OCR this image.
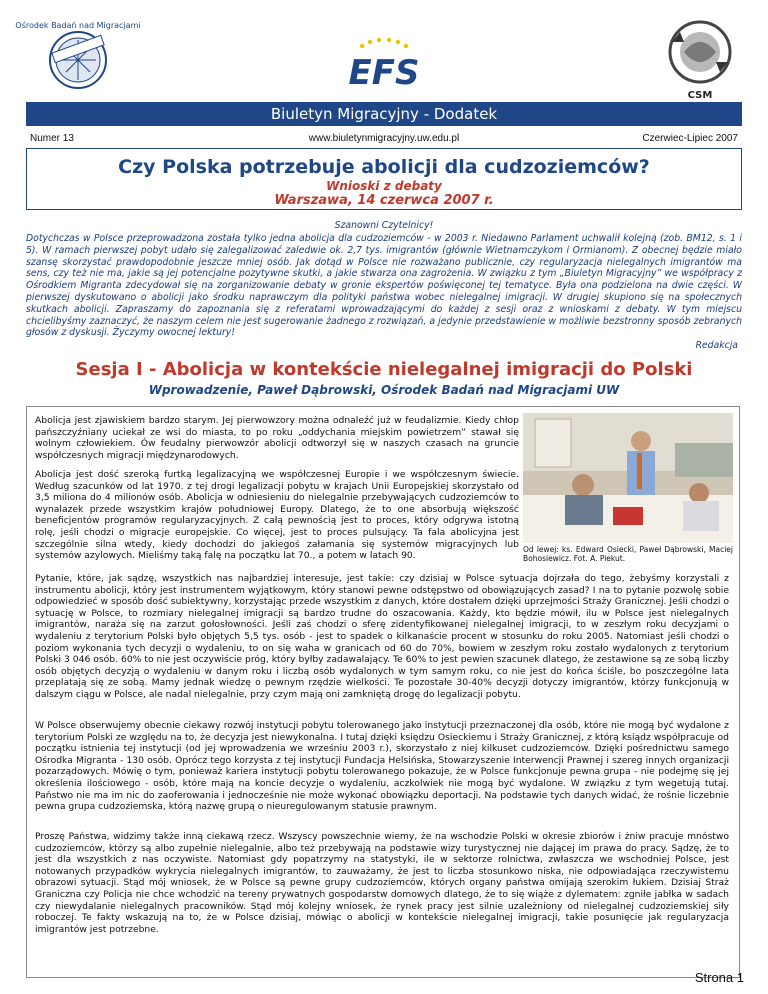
Ośrodek Badań nad Migracjami
EFS
CSM
Biuletyn Migracyjny - Dodatek
Numer 13	www.biuletynmigracyjny.uw.edu.pl	Czerwiec-Lipiec 2007
Czy Polska potrzebuje abolicji dla cudzoziemców?
Wnioski z debaty
Warszawa, 14 czerwca 2007 r.
Szanowni Czytelnicy!
Dotychczas w Polsce przeprowadzona została tylko jedna abolicja dla cudzoziemców - w 2003 r. Niedawno Parlament uchwalił kolejną (zob. BM12, s. 1 i 5). W ramach pierwszej pobyt udało się zalegalizować zaledwie ok. 2,7 tys. imigrantów (głównie Wietnamczykom i Ormianom). Z obecnej będzie miało szansę skorzystać prawdopodobnie jeszcze mniej osób. Jak dotąd w Polsce nie rozważano publicznie, czy regularyzacja nielegalnych imigrantów ma sens, czy też nie ma, jakie są jej potencjalne pozytywne skutki, a jakie stwarza ona zagrożenia. W związku z tym „Biuletyn Migracyjny” we współpracy z Ośrodkiem Migranta zdecydował się na zorganizowanie debaty w gronie ekspertów poświęconej tej tematyce. Była ona podzielona na dwie części. W pierwszej dyskutowano o abolicji jako środku naprawczym dla polityki państwa wobec nielegalnej imigracji. W drugiej skupiono się na społecznych skutkach abolicji. Zapraszamy do zapoznania się z referatami wprowadzającymi do każdej z sesji oraz z wnioskami z debaty. W tym miejscu chcielibyśmy zaznaczyć, że naszym celem nie jest sugerowanie żadnego z rozwiązań, a jedynie przedstawienie w możliwie bezstronny sposób zebranych głosów z dyskusji. Życzymy owocnej lektury!
Redakcja
Sesja I - Abolicja w kontekście nielegalnej imigracji do Polski
Wprowadzenie, Paweł Dąbrowski, Ośrodek Badań nad Migracjami UW

Abolicja jest zjawiskiem bardzo starym. Jej pierwowzory można odnaleźć już w feudalizmie. Kiedy chłop pańszczyźniany uciekał ze wsi do miasta, to po roku „oddychania miejskim powietrzem” stawał się wolnym człowiekiem. Ów feudalny pierwowzór abolicji odtworzył się w naszych czasach na gruncie współczesnych migracji międzynarodowych.

Abolicja jest dość szeroką furtką legalizacyjną we współczesnej Europie i we współczesnym świecie. Według szacunków od lat 1970. z tej drogi legalizacji pobytu w krajach Unii Europejskiej skorzystało od 3,5 miliona do 4 milionów osób. Abolicja w odniesieniu do nielegalnie przebywających cudzoziemców to wynalazek przede wszystkim krajów południowej Europy. Dlatego, że to one absorbują większość beneficjentów programów regularyzacyjnych. Z całą pewnością jest to proces, który odgrywa istotną rolę, jeśli chodzi o migracje europejskie. Co więcej, jest to proces pulsujący. Ta fala abolicyjna jest szczególnie silna wtedy, kiedy dochodzi do jakiegoś załamania się systemów migracyjnych lub systemów azylowych. Mieliśmy taką falę na początku lat 70., a potem w latach 90.

Od lewej: ks. Edward Osiecki, Paweł Dąbrowski, Maciej Bohosiewicz. Fot. A. Piekut.

Pytanie, które, jak sądzę, wszystkich nas najbardziej interesuje, jest takie: czy dzisiaj w Polsce sytuacja dojrzała do tego, żebyśmy korzystali z instrumentu abolicji, który jest instrumentem wyjątkowym, który stanowi pewne odstępstwo od obowiązujących zasad? I na to pytanie pozwolę sobie odpowiedzieć w sposób dość subiektywny, korzystając przede wszystkim z danych, które dostałem dzięki uprzejmości Straży Granicznej. Jeśli chodzi o sytuację w Polsce, to rozmiary nielegalnej imigracji są bardzo trudne do oszacowania. Każdy, kto będzie mówił, ilu w Polsce jest nielegalnych imigrantów, naraża się na zarzut gołosłowności. Jeśli zaś chodzi o sferę zidentyfikowanej nielegalnej imigracji, to w zeszłym roku decyzjami o wydaleniu z terytorium Polski było objętych 5,5 tys. osób - jest to spadek o kilkanaście procent w stosunku do roku 2005. Natomiast jeśli chodzi o poziom wykonania tych decyzji o wydaleniu, to on się waha w granicach od 60 do 70%, bowiem w zeszłym roku zostało wydalonych z terytorium Polski 3 046 osób. 60% to nie jest oczywiście próg, który byłby zadawalający. Te 60% to jest pewien szacunek dlatego, że zestawione są ze sobą liczby osób objętych decyzją o wydaleniu w danym roku i liczbą osób wydalonych w tym samym roku, co nie jest do końca ściśle, bo poszczególne lata przeplatają się ze sobą. Mamy jednak wiedzę o pewnym rzędzie wielkości. Te pozostałe 30-40% decyzji dotyczy imigrantów, którzy funkcjonują w dalszym ciągu w Polsce, ale nadal nielegalnie, przy czym mają oni zamkniętą drogę do legalizacji pobytu.

W Polsce obserwujemy obecnie ciekawy rozwój instytucji pobytu tolerowanego jako instytucji przeznaczonej dla osób, które nie mogą być wydalone z terytorium Polski ze względu na to, że decyzja jest niewykonalna. I tutaj dzięki księdzu Osieckiemu i Straży Granicznej, z którą ksiądz współpracuje od początku istnienia tej instytucji (od jej wprowadzenia we wrześniu 2003 r.), skorzystało z niej kilkuset cudzoziemców. Dzięki pośrednictwu samego Ośrodka Migranta - 130 osób. Oprócz tego korzysta z tej instytucji Fundacja Helsińska, Stowarzyszenie Interwencji Prawnej i szereg innych organizacji pozarządowych. Mówię o tym, ponieważ kariera instytucji pobytu tolerowanego pokazuje, że w Polsce funkcjonuje pewna grupa - nie podejmę się jej określenia ilościowego - osób, które mają na koncie decyzje o wydaleniu, aczkolwiek nie mogą być wydalone. W związku z tym wegetują tutaj. Państwo nie ma im nic do zaoferowania i jednocześnie nie może wykonać obowiązku deportacji. Na podstawie tych danych widać, że rośnie liczebnie pewna grupa cudzoziemska, którą nazwę grupą o nieuregulowanym statusie prawnym.

Proszę Państwa, widzimy także inną ciekawą rzecz. Wszyscy powszechnie wiemy, że na wschodzie Polski w okresie zbiorów i żniw pracuje mnóstwo cudzoziemców, którzy są albo zupełnie nielegalnie, albo też przebywają na podstawie wizy turystycznej nie dającej im prawa do pracy. Sądzę, że to jest dla wszystkich z nas oczywiste. Natomiast gdy popatrzymy na statystyki, ile w sektorze rolnictwa, zwłaszcza we wschodniej Polsce, jest notowanych przypadków wykrycia nielegalnych imigrantów, to zauważamy, że jest to liczba stosunkowo niska, nie odpowiadająca rzeczywistemu obrazowi sytuacji. Stąd mój wniosek, że w Polsce są pewne grupy cudzoziemców, których organy państwa omijają szerokim łukiem. Dzisiaj Straż Graniczna czy Policja nie chce wchodzić na tereny prywatnych gospodarstw domowych dlatego, że to się wiąże z dylematem: zgniłe jabłka w sadach czy niewydalanie nielegalnych pracowników. Stąd mój kolejny wniosek, że rynek pracy jest silnie uzależniony od nielegalnej cudzoziemskiej siły roboczej. Te fakty wskazują na to, że w Polsce dzisiaj, mówiąc o abolicji w kontekście nielegalnej imigracji, takie posunięcie jak regularyzacja imigrantów jest potrzebne.

Strona 1
